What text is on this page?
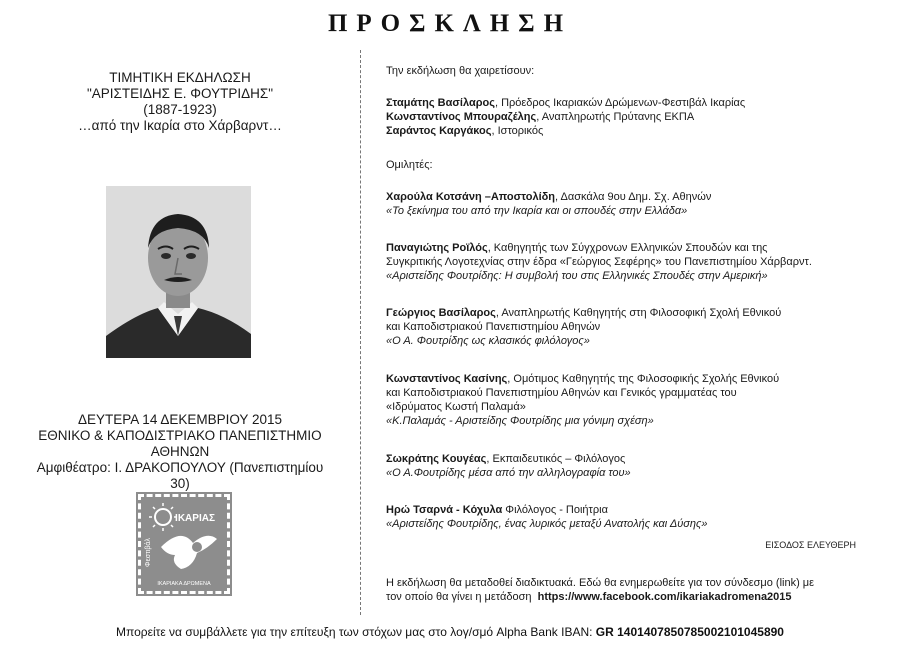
ΠΡΟΣΚΛΗΣΗ
ΤΙΜΗΤΙΚΗ ΕΚΔΗΛΩΣΗ
"ΑΡΙΣΤΕΙΔΗΣ Ε. ΦΟΥΤΡΙΔΗΣ"
(1887-1923)
…από την Ικαρία στο Χάρβαρντ…
ΔΕΥΤΕΡΑ 14 ΔΕΚΕΜΒΡΙΟΥ 2015
ΕΘΝΙΚΟ & ΚΑΠΟΔΙΣΤΡΙΑΚΟ ΠΑΝΕΠΙΣΤΗΜΙΟ ΑΘΗΝΩΝ
Αμφιθέατρο: Ι. ΔΡΑΚΟΠΟΥΛΟΥ (Πανεπιστημίου 30)
ΙΚΑΡΙΑΣ
Φεστιβάλ
ΙΚΑΡΙΑΚΑ ΔΡΩΜΕΝΑ
Την εκδήλωση θα χαιρετίσουν:
Σταμάτης Βασίλαρος, Πρόεδρος Ικαριακών Δρώμενων-Φεστιβάλ Ικαρίας
Κωνσταντίνος Μπουραζέλης, Αναπληρωτής Πρύτανης ΕΚΠΑ
Σαράντος Καργάκος, Ιστορικός
Ομιλητές:
Χαρούλα Κοτσάνη –Αποστολίδη, Δασκάλα 9ου Δημ. Σχ. Αθηνών
«Το ξεκίνημα του από την Ικαρία και οι σπουδές στην Ελλάδα»
Παναγιώτης Ροϊλός, Καθηγητής των Σύγχρονων Ελληνικών Σπουδών και της
Συγκριτικής Λογοτεχνίας στην έδρα «Γεώργιος Σεφέρης» του Πανεπιστημίου Χάρβαρντ.
«Αριστείδης Φουτρίδης: Η συμβολή του στις Ελληνικές Σπουδές στην Αμερική»
Γεώργιος Βασίλαρος, Αναπληρωτής Καθηγητής στη Φιλοσοφική Σχολή Εθνικού
και Καποδιστριακού Πανεπιστημίου Αθηνών
«Ο Α. Φουτρίδης ως κλασικός φιλόλογος»
Κωνσταντίνος Κασίνης, Ομότιμος Καθηγητής της Φιλοσοφικής Σχολής Εθνικού
και Καποδιστριακού Πανεπιστημίου Αθηνών και Γενικός γραμματέας του
«Ιδρύματος Κωστή Παλαμά»
«Κ.Παλαμάς - Αριστείδης Φουτρίδης μια γόνιμη σχέση»
Σωκράτης Κουγέας, Εκπαιδευτικός – Φιλόλογος
«Ο Α.Φουτρίδης μέσα από την αλληλογραφία του»
Ηρώ Τσαρνά - Κόχυλα Φιλόλογος - Ποιήτρια
«Αριστείδης Φουτρίδης, ένας λυρικός μεταξύ Ανατολής και Δύσης»
ΕΙΣΟΔΟΣ ΕΛΕΥΘΕΡΗ
Η εκδήλωση θα μεταδοθεί διαδικτυακά. Εδώ θα ενημερωθείτε για τον σύνδεσμο (link) με
τον οποίο θα γίνει η μετάδοση https://www.facebook.com/ikariakadromena2015
Μπορείτε να συμβάλλετε για την επίτευξη των στόχων μας στο λογ/σμό Alpha Bank IBAN: GR 1401407850785002101045890
